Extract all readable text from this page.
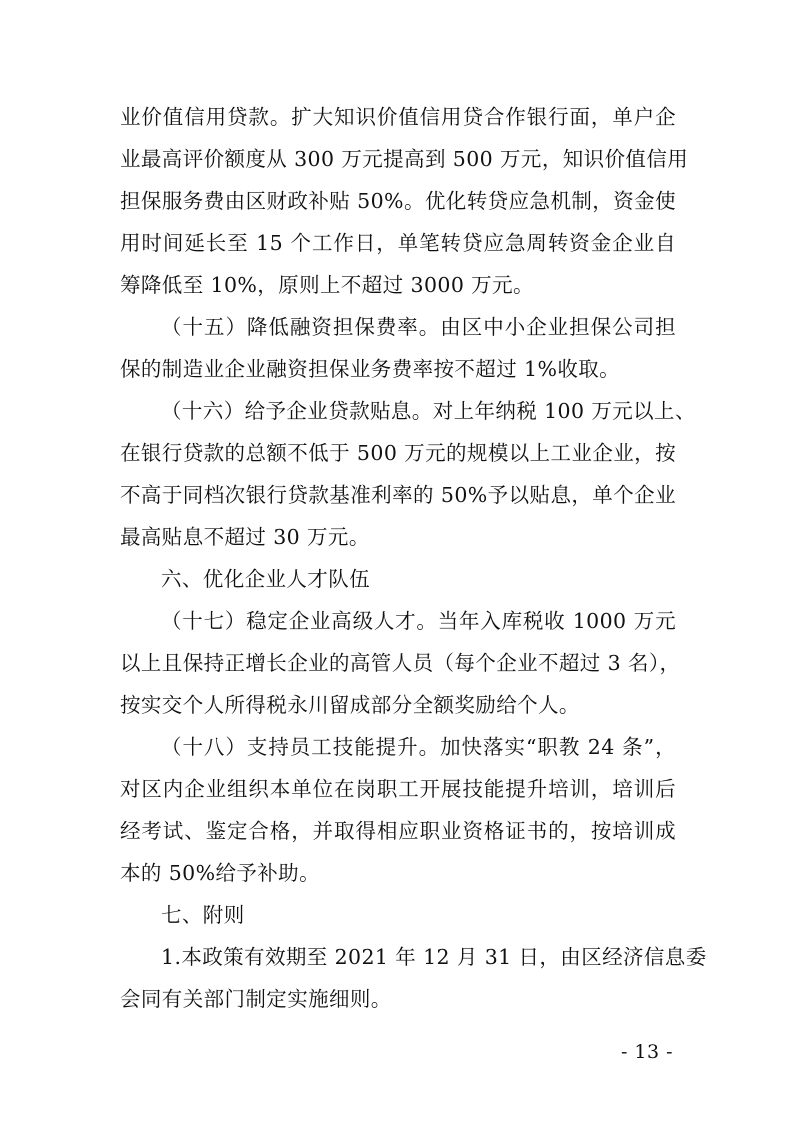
业价值信用贷款。扩大知识价值信用贷合作银行面，单户企
业最高评价额度从 300 万元提高到 500 万元，知识价值信用
担保服务费由区财政补贴 50%。优化转贷应急机制，资金使
用时间延长至 15 个工作日，单笔转贷应急周转资金企业自
筹降低至 10%，原则上不超过 3000 万元。
（十五）降低融资担保费率。由区中小企业担保公司担
保的制造业企业融资担保业务费率按不超过 1%收取。
（十六）给予企业贷款贴息。对上年纳税 100 万元以上、
在银行贷款的总额不低于 500 万元的规模以上工业企业，按
不高于同档次银行贷款基准利率的 50%予以贴息，单个企业
最高贴息不超过 30 万元。
六、优化企业人才队伍
（十七）稳定企业高级人才。当年入库税收 1000 万元
以上且保持正增长企业的高管人员（每个企业不超过 3 名），
按实交个人所得税永川留成部分全额奖励给个人。
（十八）支持员工技能提升。加快落实“职教 24 条”，
对区内企业组织本单位在岗职工开展技能提升培训，培训后
经考试、鉴定合格，并取得相应职业资格证书的，按培训成
本的 50%给予补助。
七、附则
1.本政策有效期至 2021 年 12 月 31 日，由区经济信息委
会同有关部门制定实施细则。
- 13 -
